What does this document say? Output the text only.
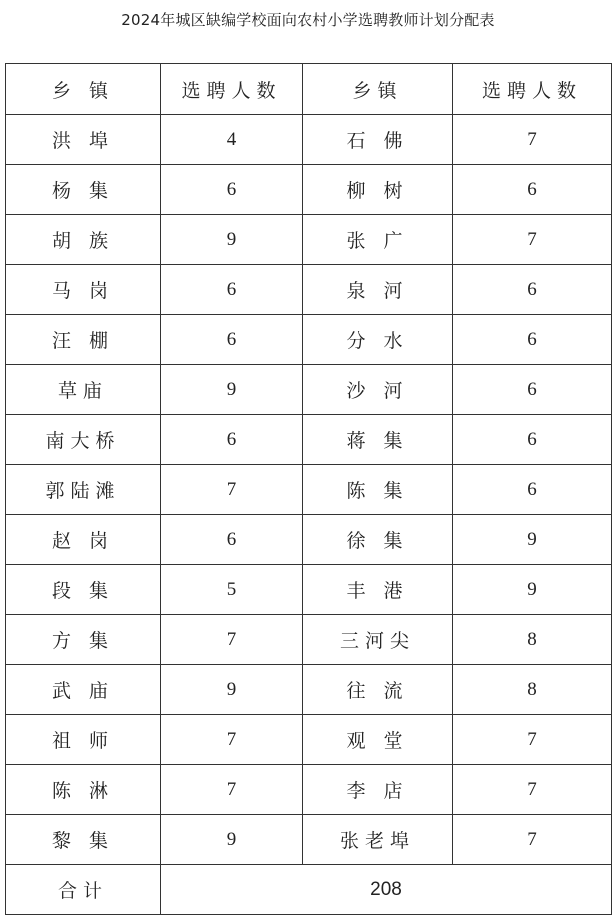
2024年城区缺编学校面向农村小学选聘教师计划分配表
乡 镇	选聘人数	乡镇	选聘人数
洪 埠	4	石 佛	7
杨 集	6	柳 树	6
胡 族	9	张 广	7
马 岗	6	泉 河	6
汪 棚	6	分 水	6
草庙	9	沙 河	6
南大桥	6	蒋 集	6
郭陆滩	7	陈 集	6
赵 岗	6	徐 集	9
段 集	5	丰 港	9
方 集	7	三河尖	8
武 庙	9	往 流	8
祖 师	7	观 堂	7
陈 淋	7	李 店	7
黎 集	9	张老埠	7
合计	208		
